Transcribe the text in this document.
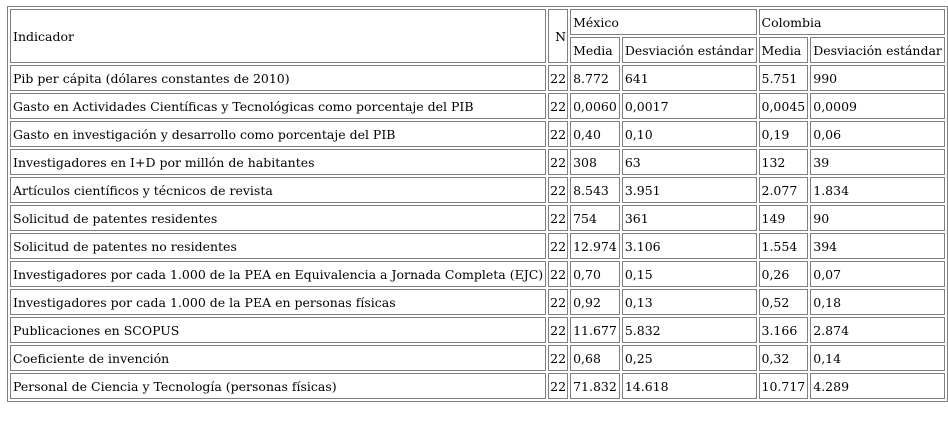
Indicador	N	México		Colombia	
		Media	Desviación estándar	Media	Desviación estándar
Pib per cápita (dólares constantes de 2010)	22	8.772	641	5.751	990
Gasto en Actividades Científicas y Tecnológicas como porcentaje del PIB	22	0,0060	0,0017	0,0045	0,0009
Gasto en investigación y desarrollo como porcentaje del PIB	22	0,40	0,10	0,19	0,06
Investigadores en I+D por millón de habitantes	22	308	63	132	39
Artículos científicos y técnicos de revista	22	8.543	3.951	2.077	1.834
Solicitud de patentes residentes	22	754	361	149	90
Solicitud de patentes no residentes	22	12.974	3.106	1.554	394
Investigadores por cada 1.000 de la PEA en Equivalencia a Jornada Completa (EJC)	22	0,70	0,15	0,26	0,07
Investigadores por cada 1.000 de la PEA en personas físicas	22	0,92	0,13	0,52	0,18
Publicaciones en SCOPUS	22	11.677	5.832	3.166	2.874
Coeficiente de invención	22	0,68	0,25	0,32	0,14
Personal de Ciencia y Tecnología (personas físicas)	22	71.832	14.618	10.717	4.289
